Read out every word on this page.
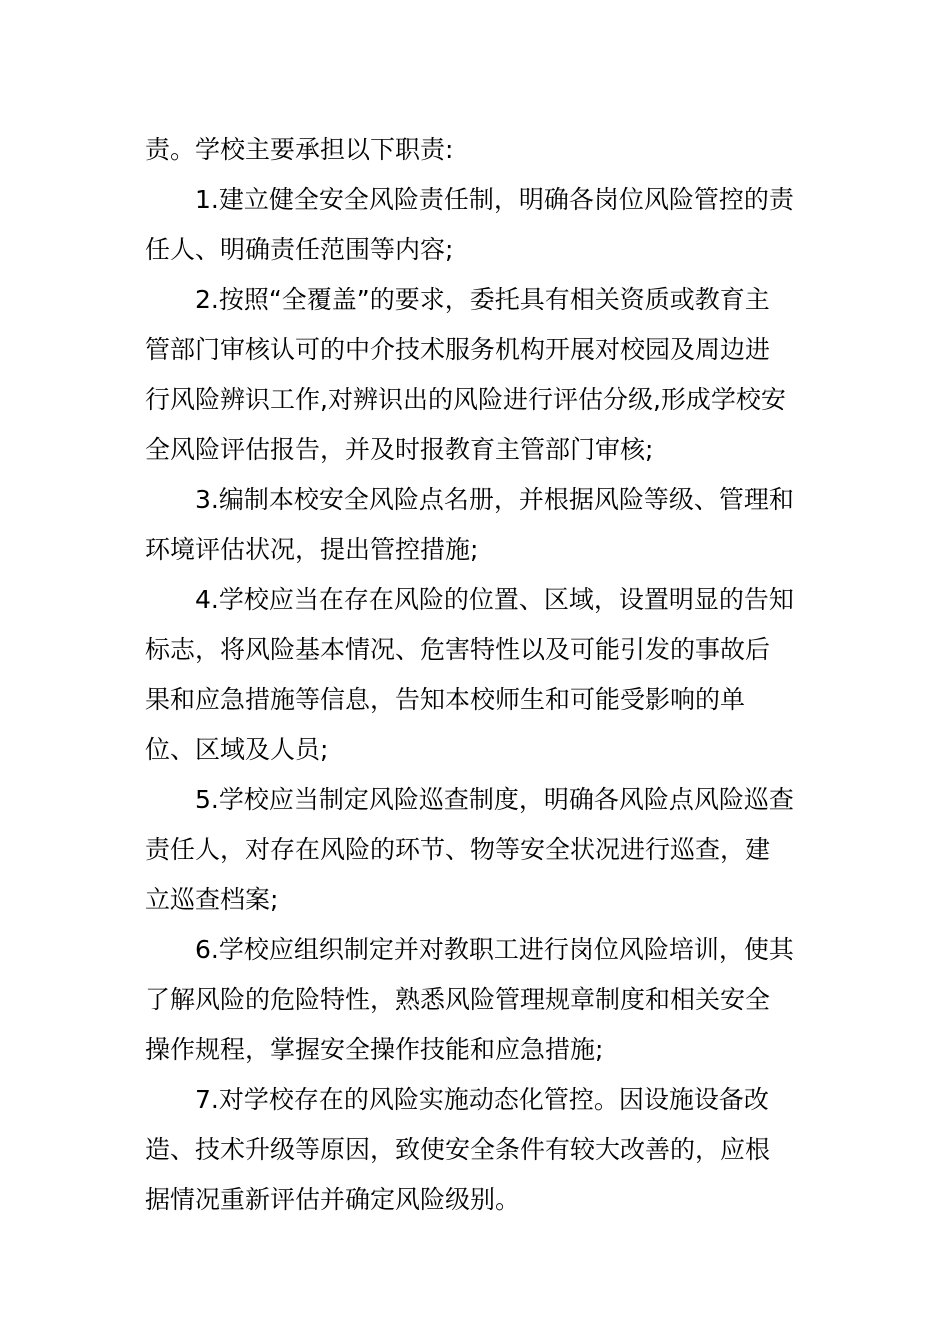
责。学校主要承担以下职责:
1.建立健全安全风险责任制，明确各岗位风险管控的责
任人、明确责任范围等内容;
2.按照“全覆盖”的要求，委托具有相关资质或教育主
管部门审核认可的中介技术服务机构开展对校园及周边进
行风险辨识工作,对辨识出的风险进行评估分级,形成学校安
全风险评估报告，并及时报教育主管部门审核;
3.编制本校安全风险点名册，并根据风险等级、管理和
环境评估状况，提出管控措施;
4.学校应当在存在风险的位置、区域，设置明显的告知
标志，将风险基本情况、危害特性以及可能引发的事故后
果和应急措施等信息，告知本校师生和可能受影响的单
位、区域及人员;
5.学校应当制定风险巡查制度，明确各风险点风险巡查
责任人，对存在风险的环节、物等安全状况进行巡查，建
立巡查档案;
6.学校应组织制定并对教职工进行岗位风险培训，使其
了解风险的危险特性，熟悉风险管理规章制度和相关安全
操作规程，掌握安全操作技能和应急措施;
7.对学校存在的风险实施动态化管控。因设施设备改
造、技术升级等原因，致使安全条件有较大改善的，应根
据情况重新评估并确定风险级别。
